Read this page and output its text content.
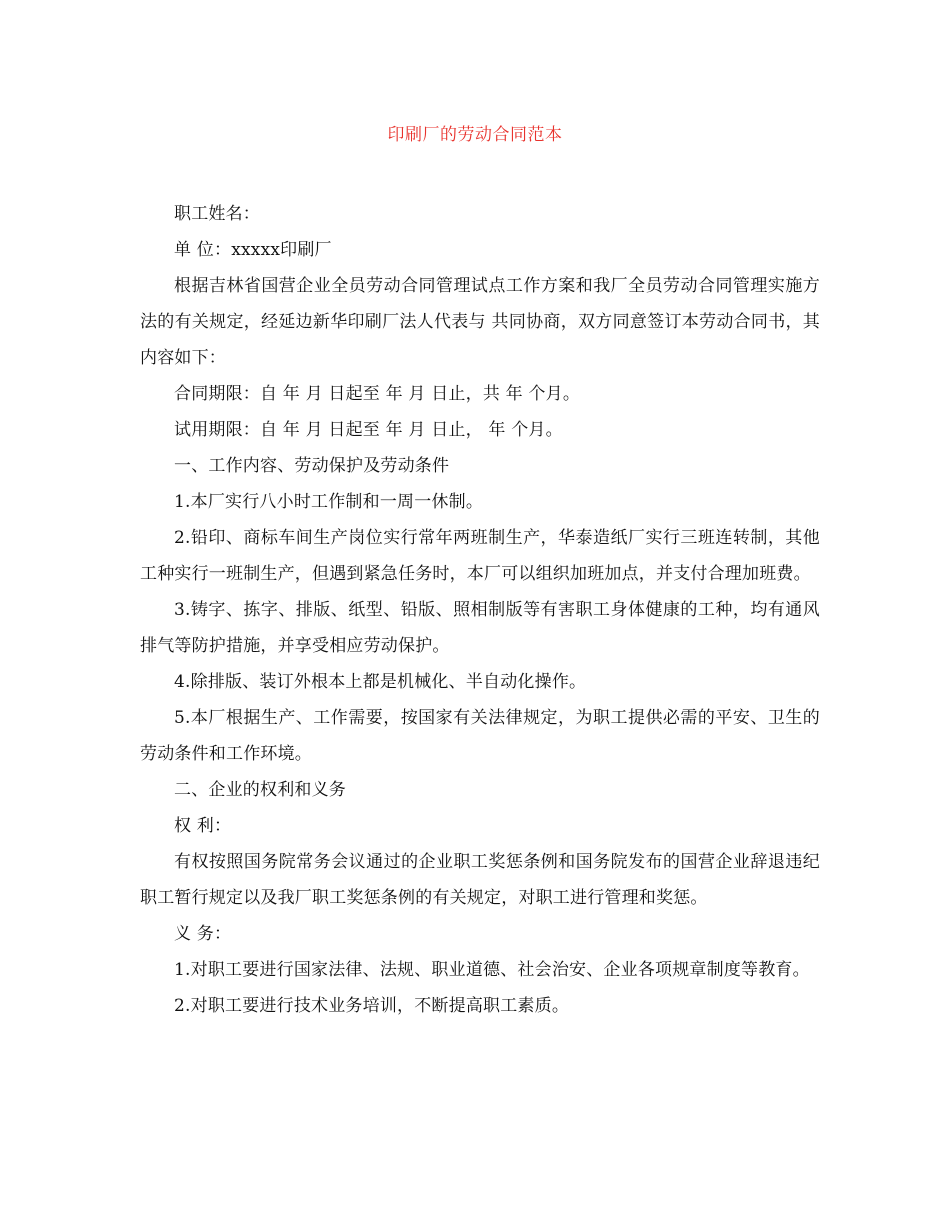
印刷厂的劳动合同范本

职工姓名：

单 位：xxxxx印刷厂

根据吉林省国营企业全员劳动合同管理试点工作方案和我厂全员劳动合同管理实施方法的有关规定，经延边新华印刷厂法人代表与 共同协商，双方同意签订本劳动合同书，其内容如下：

合同期限：自 年 月 日起至 年 月 日止，共 年 个月。

试用期限：自 年 月 日起至 年 月 日止， 年 个月。

一、工作内容、劳动保护及劳动条件

1.本厂实行八小时工作制和一周一休制。

2.铅印、商标车间生产岗位实行常年两班制生产，华泰造纸厂实行三班连转制，其他工种实行一班制生产，但遇到紧急任务时，本厂可以组织加班加点，并支付合理加班费。

3.铸字、拣字、排版、纸型、铅版、照相制版等有害职工身体健康的工种，均有通风排气等防护措施，并享受相应劳动保护。

4.除排版、装订外根本上都是机械化、半自动化操作。

5.本厂根据生产、工作需要，按国家有关法律规定，为职工提供必需的平安、卫生的劳动条件和工作环境。

二、企业的权利和义务

权 利：

有权按照国务院常务会议通过的企业职工奖惩条例和国务院发布的国营企业辞退违纪职工暂行规定以及我厂职工奖惩条例的有关规定，对职工进行管理和奖惩。

义 务：

1.对职工要进行国家法律、法规、职业道德、社会治安、企业各项规章制度等教育。

2.对职工要进行技术业务培训，不断提高职工素质。
